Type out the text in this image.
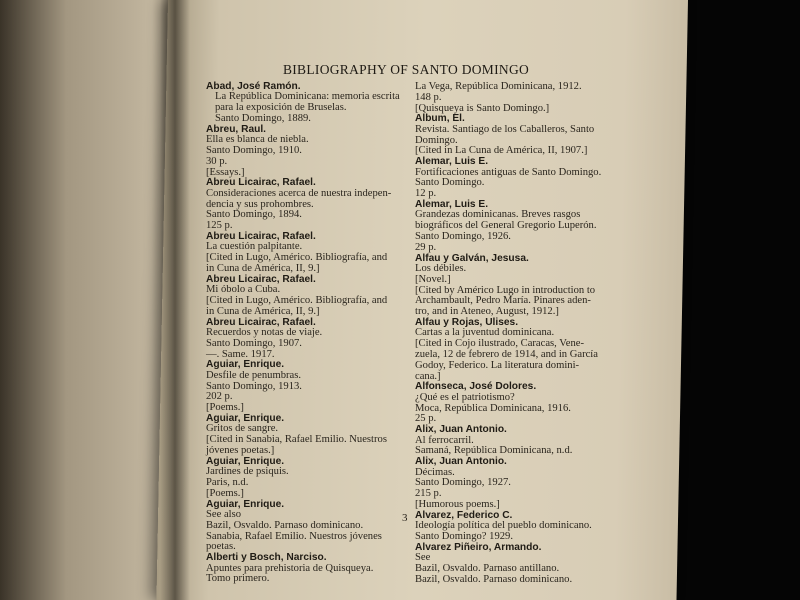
BIBLIOGRAPHY OF SANTO DOMINGO
Abad, José Ramón.
La República Dominicana: memoria escrita
para la exposición de Bruselas.
Santo Domingo, 1889.
Abreu, Raul.
Ella es blanca de niebla.
Santo Domingo, 1910.
30 p.
[Essays.]
Abreu Licairac, Rafael.
Consideraciones acerca de nuestra indepen-
dencia y sus prohombres.
Santo Domingo, 1894.
125 p.
Abreu Licairac, Rafael.
La cuestión palpitante.
[Cited in Lugo, Américo. Bibliografía, and
in Cuna de América, II, 9.]
Abreu Licairac, Rafael.
Mi óbolo a Cuba.
[Cited in Lugo, Américo. Bibliografía, and
in Cuna de América, II, 9.]
Abreu Licairac, Rafael.
Recuerdos y notas de viaje.
Santo Domingo, 1907.
—. Same. 1917.
Aguiar, Enrique.
Desfile de penumbras.
Santo Domingo, 1913.
202 p.
[Poems.]
Aguiar, Enrique.
Gritos de sangre.
[Cited in Sanabia, Rafael Emilio. Nuestros
jóvenes poetas.]
Aguiar, Enrique.
Jardines de psiquis.
Paris, n.d.
[Poems.]
Aguiar, Enrique.
See also
Bazil, Osvaldo. Parnaso dominicano.
Sanabia, Rafael Emilio. Nuestros jóvenes
poetas.
Alberti y Bosch, Narciso.
Apuntes para prehistoria de Quisqueya.
Tomo primero.
La Vega, República Dominicana, 1912.
148 p.
[Quisqueya is Santo Domingo.]
Album, El.
Revista. Santiago de los Caballeros, Santo
Domingo.
[Cited in La Cuna de América, II, 1907.]
Alemar, Luis E.
Fortificaciones antiguas de Santo Domingo.
Santo Domingo.
12 p.
Alemar, Luis E.
Grandezas dominicanas. Breves rasgos
biográficos del General Gregorio Luperón.
Santo Domingo, 1926.
29 p.
Alfau y Galván, Jesusa.
Los débiles.
[Novel.]
[Cited by Américo Lugo in introduction to
Archambault, Pedro María. Pinares aden-
tro, and in Ateneo, August, 1912.]
Alfau y Rojas, Ulises.
Cartas a la juventud dominicana.
[Cited in Cojo ilustrado, Caracas, Vene-
zuela, 12 de febrero de 1914, and in García
Godoy, Federico. La literatura domini-
cana.]
Alfonseca, José Dolores.
¿Qué es el patriotismo?
Moca, República Dominicana, 1916.
25 p.
Alix, Juan Antonio.
Al ferrocarril.
Samaná, República Dominicana, n.d.
Alix, Juan Antonio.
Décimas.
Santo Domingo, 1927.
215 p.
[Humorous poems.]
Alvarez, Federico C.
Ideología política del pueblo dominicano.
Santo Domingo? 1929.
Alvarez Piñeiro, Armando.
See
Bazil, Osvaldo. Parnaso antillano.
Bazil, Osvaldo. Parnaso dominicano.
3
